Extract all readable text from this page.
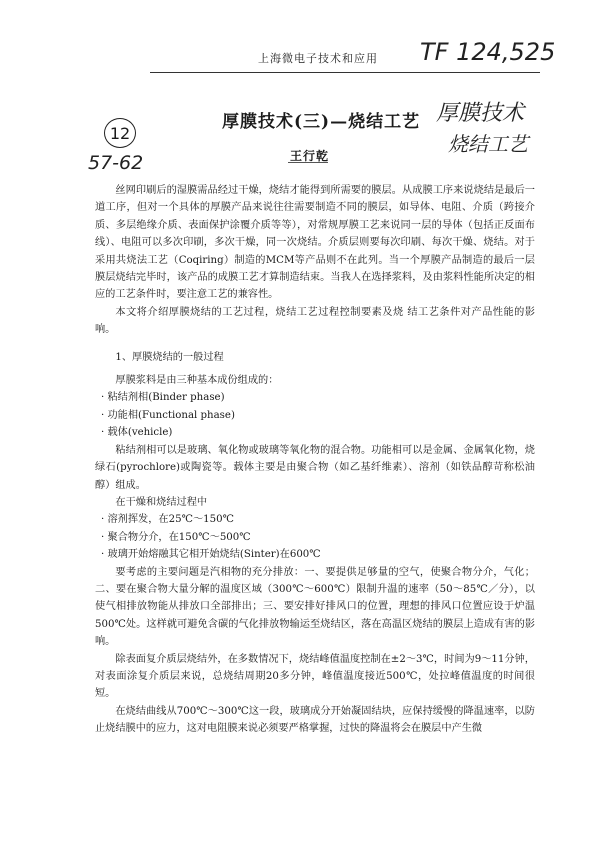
上海微电子技术和应用 TF 124,525
12
57-62
厚膜技术
烧结工艺
厚膜技术(三)—烧结工艺
王行乾

丝网印刷后的湿膜需品经过干燥，烧结才能得到所需要的膜层。从成膜工序来说烧结是最后一道工序，但对一个具体的厚膜产品来说往往需要制造不同的膜层，如导体、电阻、介质（跨接介质、多层绝缘介质、表面保护涂覆介质等等），对常规厚膜工艺来说同一层的导体（包括正反面布线）、电阻可以多次印刷，多次干燥，同一次烧结。介质层则要每次印刷、每次干燥、烧结。对于采用共烧法工艺（Coqiring）制造的MCM等产品则不在此列。当一个厚膜产品制造的最后一层膜层烧结完毕时，该产品的成膜工艺才算制造结束。当我人在选择浆料，及由浆料性能所决定的相应的工艺条件时，要注意工艺的兼容性。

本文将介绍厚膜烧结的工艺过程，烧结工艺过程控制要素及烧 结工艺条件对产品性能的影响。

1、厚膜烧结的一般过程

厚膜浆料是由三种基本成份组成的：

· 粘结剂相(Binder phase)

· 功能相(Functional phase)

· 载体(vehicle)

粘结剂相可以是玻璃、氧化物或玻璃等氧化物的混合物。功能相可以是金属、金属氧化物，烧绿石(pyrochlore)或陶瓷等。载体主要是由聚合物（如乙基纤维素）、溶剂（如铁品醇苛称松油醇）组成。

在干燥和烧结过程中

· 溶剂挥发，在25℃～150℃

· 聚合物分介，在150℃～500℃

· 玻璃开始熔融其它相开始烧结(Sinter)在600℃

要考虑的主要问题是汽相物的充分排放：一、要提供足够量的空气，使聚合物分介，气化；二、要在聚合物大量分解的温度区域（300℃～600℃）限制升温的速率（50～85℃／分），以使气相排放物能从排放口全部排出；三、要安排好排风口的位置，理想的排风口位置应设于炉温500℃处。这样就可避免含碳的气化排放物输运至烧结区，落在高温区烧结的膜层上造成有害的影响。

除表面复介质层烧结外，在多数情况下，烧结峰值温度控制在±2～3℃，时间为9～11分钟，对表面涂复介质层来说，总烧结周期20多分钟，峰值温度接近500℃，处拉峰值温度的时间很短。

在烧结曲线从700℃～300℃这一段，玻璃成分开始凝固结块，应保持缓慢的降温速率，以防止烧结膜中的应力，这对电阻膜来说必须要严格掌握，过快的降温将会在膜层中产生微
